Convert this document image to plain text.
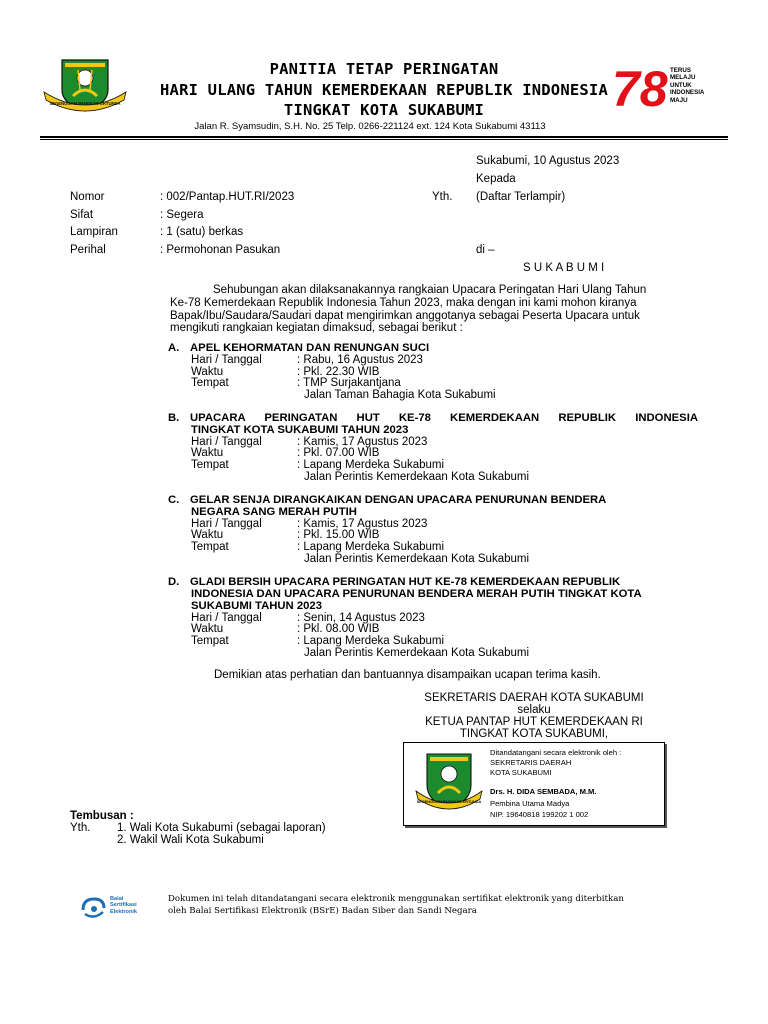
SEGENGGAM PANGKAS ERTUNDA
PANITIA TETAP PERINGATAN
HARI ULANG TAHUN KEMERDEKAAN REPUBLIK INDONESIA
TINGKAT KOTA SUKABUMI	78 TERUS
MELAJU
UNTUK
INDONESIA
MAJU
Jalan R. Syamsudin, S.H. No. 25 Telp. 0266-221124 ext. 124 Kota Sukabumi 43113
Sukabumi, 10 Agustus 2023
Kepada
Yth. (Daftar Terlampir)
di –
S U K A B U M I
Nomor	: 002/Pantap.HUT.RI/2023
Sifat	: Segera
Lampiran	: 1 (satu) berkas
Perihal	: Permohonan Pasukan
Sehubungan akan dilaksanakannya rangkaian Upacara Peringatan Hari Ulang Tahun
Ke-78 Kemerdekaan Republik Indonesia Tahun 2023, maka dengan ini kami mohon kiranya
Bapak/Ibu/Saudara/Saudari dapat mengirimkan anggotanya sebagai Peserta Upacara untuk
mengikuti rangkaian kegiatan dimaksud, sebagai berikut :
A. APEL KEHORMATAN DAN RENUNGAN SUCI
Hari / Tanggal	: Rabu, 16 Agustus 2023
Waktu	: Pkl. 22.30 WIB
Tempat	: TMP Surjakantjana
Jalan Taman Bahagia Kota Sukabumi
B. UPACARA PERINGATAN HUT KE-78 KEMERDEKAAN REPUBLIK INDONESIA
TINGKAT KOTA SUKABUMI TAHUN 2023
Hari / Tanggal	: Kamis, 17 Agustus 2023
Waktu	: Pkl. 07.00 WIB
Tempat	: Lapang Merdeka Sukabumi
Jalan Perintis Kemerdekaan Kota Sukabumi
C. GELAR SENJA DIRANGKAIKAN DENGAN UPACARA PENURUNAN BENDERA
NEGARA SANG MERAH PUTIH
Hari / Tanggal	: Kamis, 17 Agustus 2023
Waktu	: Pkl. 15.00 WIB
Tempat	: Lapang Merdeka Sukabumi
Jalan Perintis Kemerdekaan Kota Sukabumi
D. GLADI BERSIH UPACARA PERINGATAN HUT KE-78 KEMERDEKAAN REPUBLIK
INDONESIA DAN UPACARA PENURUNAN BENDERA MERAH PUTIH TINGKAT KOTA
SUKABUMI TAHUN 2023
Hari / Tanggal	: Senin, 14 Agustus 2023
Waktu	: Pkl. 08.00 WIB
Tempat	: Lapang Merdeka Sukabumi
Jalan Perintis Kemerdekaan Kota Sukabumi
Demikian atas perhatian dan bantuannya disampaikan ucapan terima kasih.
SEKRETARIS DAERAH KOTA SUKABUMI
selaku
KETUA PANTAP HUT KEMERDEKAAN RI
TINGKAT KOTA SUKABUMI,
SEGENGGAM PANGKAS ERTUNDA
Ditandatangani secara elektronik oleh :
SEKRETARIS DAERAH
KOTA SUKABUMI
Drs. H. DIDA SEMBADA, M.M.
Pembina Utama Madya
NIP. 19640818 199202 1 002
Tembusan :
Yth. 1. Wali Kota Sukabumi (sebagai laporan)
2. Wakil Wali Kota Sukabumi
Balai
Sertifikasi
Elektronik
Dokumen ini telah ditandatangani secara elektronik menggunakan sertifikat elektronik yang diterbitkan
oleh Balai Sertifikasi Elektronik (BSrE) Badan Siber dan Sandi Negara
